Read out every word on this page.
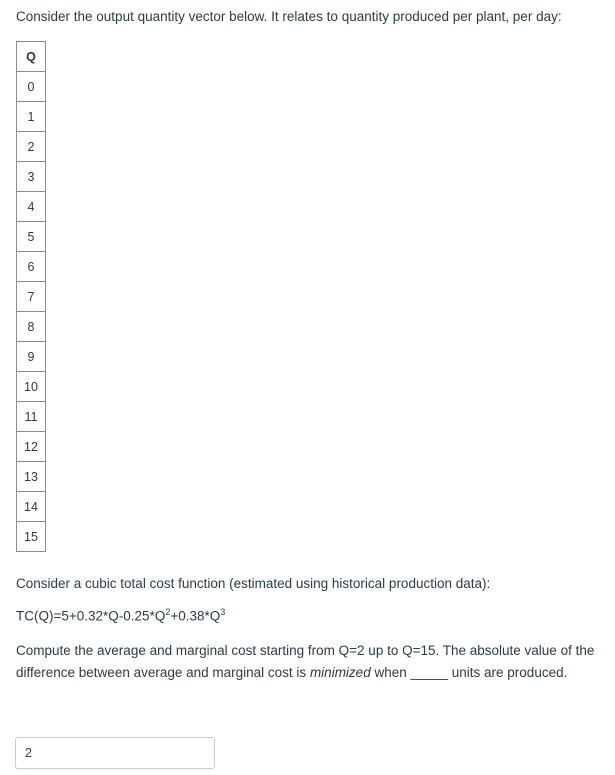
Consider the output quantity vector below. It relates to quantity produced per plant, per day:
Q
0
1
2
3
4
5
6
7
8
9
10
11
12
13
14
15
Consider a cubic total cost function (estimated using historical production data):
$TC(Q)=5+0.32*Q-0.25*Q^2+0.38*Q^3$
Compute the average and marginal cost starting from Q=2 up to Q=15. The absolute value of the difference between average and marginal cost is minimized when _____ units are produced.
2
